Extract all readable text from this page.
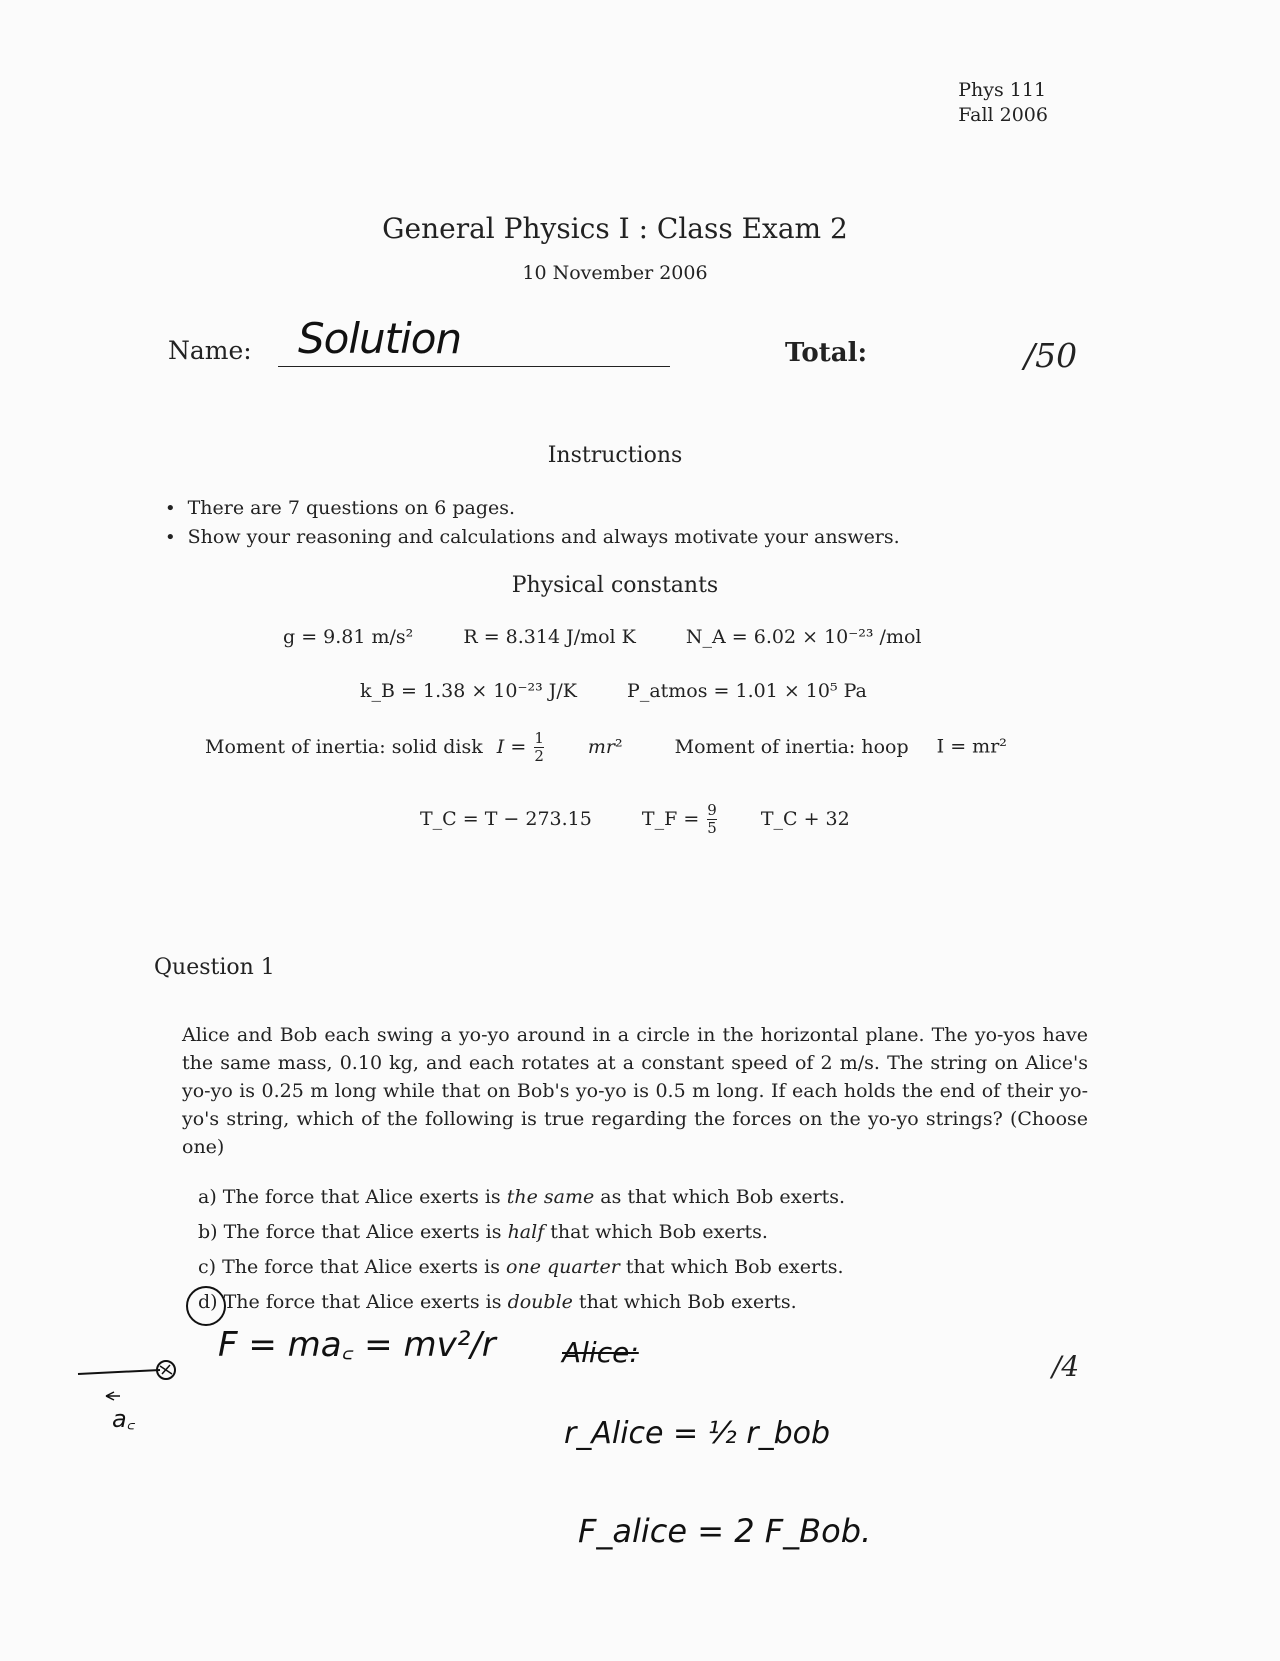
Phys 111
Fall 2006
General Physics I : Class Exam 2
10 November 2006
Name: Solution	Total:	/50
Instructions
• There are 7 questions on 6 pages.
• Show your reasoning and calculations and always motivate your answers.
Physical constants
g = 9.81 m/s²	R = 8.314 J/mol K	N_A = 6.02 × 10⁻²³ /mol
k_B = 1.38 × 10⁻²³ J/K	P_atmos = 1.01 × 10⁵ Pa
Moment of inertia: solid disk $I = \frac{1}{2} mr^2$	Moment of inertia: hoop I = mr²
T_C = T − 273.15	T_F = $\frac{9}{5}$ T_C + 32
Question 1
Alice and Bob each swing a yo-yo around in a circle in the horizontal plane. The yo-yos have the same mass, 0.10 kg, and each rotates at a constant speed of 2 m/s. The string on Alice's yo-yo is 0.25 m long while that on Bob's yo-yo is 0.5 m long. If each holds the end of their yo-yo's string, which of the following is true regarding the forces on the yo-yo strings? (Choose one)
a) The force that Alice exerts is the same as that which Bob exerts.
b) The force that Alice exerts is half that which Bob exerts.
c) The force that Alice exerts is one quarter that which Bob exerts.
d) The force that Alice exerts is double that which Bob exerts.
/4
a꜀
F = ma꜀ = mv²/r Alice:
r_Alice = ½ r_bob
F_alice = 2 F_Bob.
